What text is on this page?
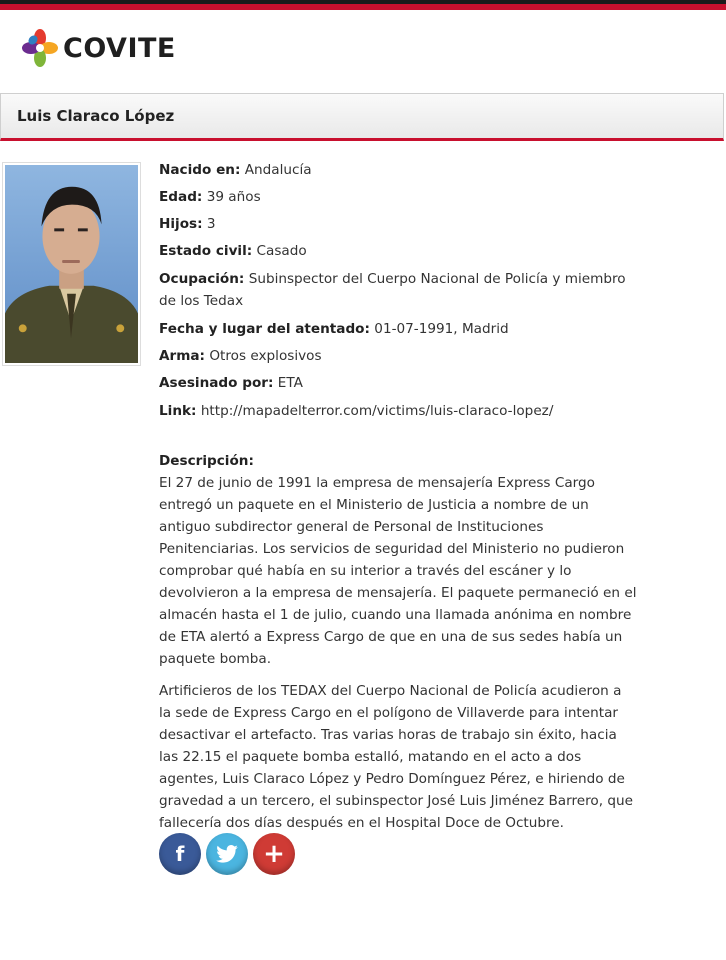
COVITE
Luis Claraco López
Nacido en: Andalucía
Edad: 39 años
Hijos: 3
Estado civil: Casado
Ocupación: Subinspector del Cuerpo Nacional de Policía y miembro de los Tedax
Fecha y lugar del atentado: 01-07-1991, Madrid
Arma: Otros explosivos
Asesinado por: ETA
Link: http://mapadelterror.com/victims/luis-claraco-lopez/
Descripción:

El 27 de junio de 1991 la empresa de mensajería Express Cargo entregó un paquete en el Ministerio de Justicia a nombre de un antiguo subdirector general de Personal de Instituciones Penitenciarias. Los servicios de seguridad del Ministerio no pudieron comprobar qué había en su interior a través del escáner y lo devolvieron a la empresa de mensajería. El paquete permaneció en el almacén hasta el 1 de julio, cuando una llamada anónima en nombre de ETA alertó a Express Cargo de que en una de sus sedes había un paquete bomba.

Artificieros de los TEDAX del Cuerpo Nacional de Policía acudieron a la sede de Express Cargo en el polígono de Villaverde para intentar desactivar el artefacto. Tras varias horas de trabajo sin éxito, hacia las 22.15 el paquete bomba estalló, matando en el acto a dos agentes, Luis Claraco López y Pedro Domínguez Pérez, e hiriendo de gravedad a un tercero, el subinspector José Luis Jiménez Barrero, que fallecería dos días después en el Hospital Doce de Octubre.

f	+
